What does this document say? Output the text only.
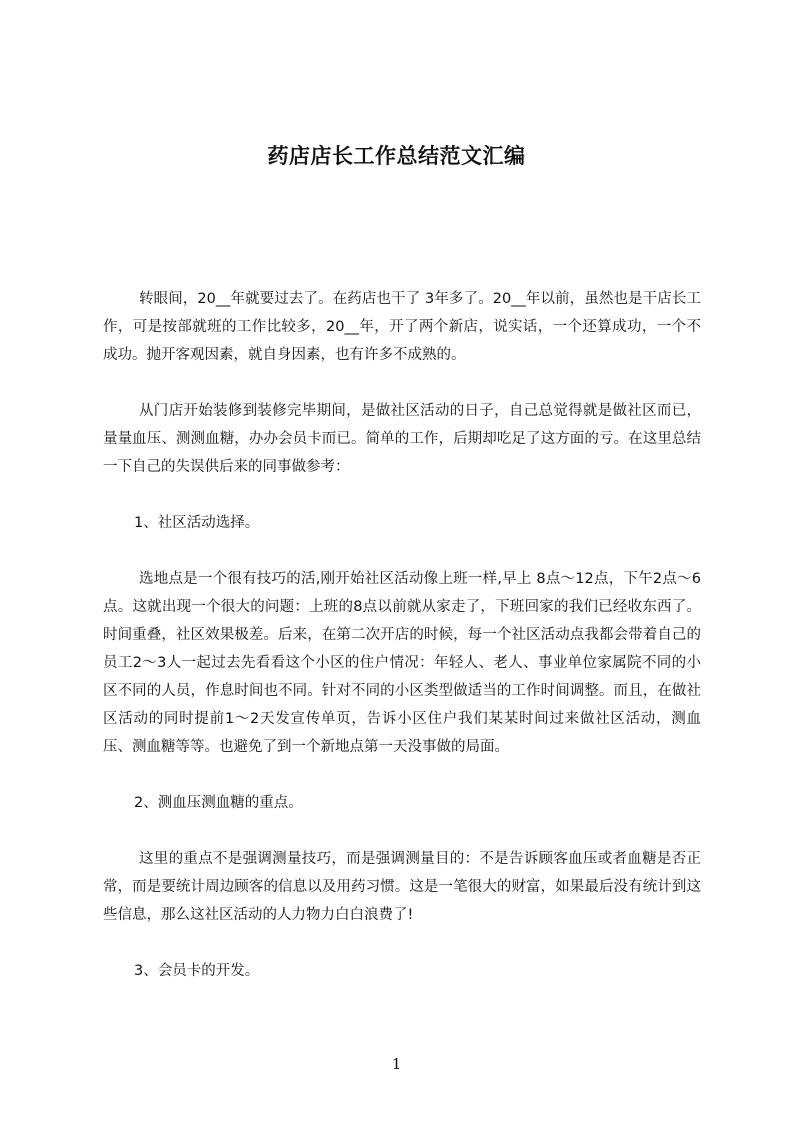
药店店长工作总结范文汇编

转眼间，20__年就要过去了。在药店也干了 3年多了。20__年以前，虽然也是干店长工作，可是按部就班的工作比较多，20__年，开了两个新店，说实话，一个还算成功，一个不成功。抛开客观因素，就自身因素，也有许多不成熟的。

从门店开始装修到装修完毕期间，是做社区活动的日子，自己总觉得就是做社区而已，量量血压、测测血糖，办办会员卡而已。简单的工作，后期却吃足了这方面的亏。在这里总结一下自己的失误供后来的同事做参考：

1、社区活动选择。

选地点是一个很有技巧的活,刚开始社区活动像上班一样,早上 8点～12点，下午2点～6点。这就出现一个很大的问题：上班的8点以前就从家走了，下班回家的我们已经收东西了。时间重叠，社区效果极差。后来，在第二次开店的时候，每一个社区活动点我都会带着自己的员工2～3人一起过去先看看这个小区的住户情况：年轻人、老人、事业单位家属院不同的小区不同的人员，作息时间也不同。针对不同的小区类型做适当的工作时间调整。而且，在做社区活动的同时提前1～2天发宣传单页，告诉小区住户我们某某时间过来做社区活动，测血压、测血糖等等。也避免了到一个新地点第一天没事做的局面。

2、测血压测血糖的重点。

这里的重点不是强调测量技巧，而是强调测量目的：不是告诉顾客血压或者血糖是否正常，而是要统计周边顾客的信息以及用药习惯。这是一笔很大的财富，如果最后没有统计到这些信息，那么这社区活动的人力物力白白浪费了!

3、会员卡的开发。

1
